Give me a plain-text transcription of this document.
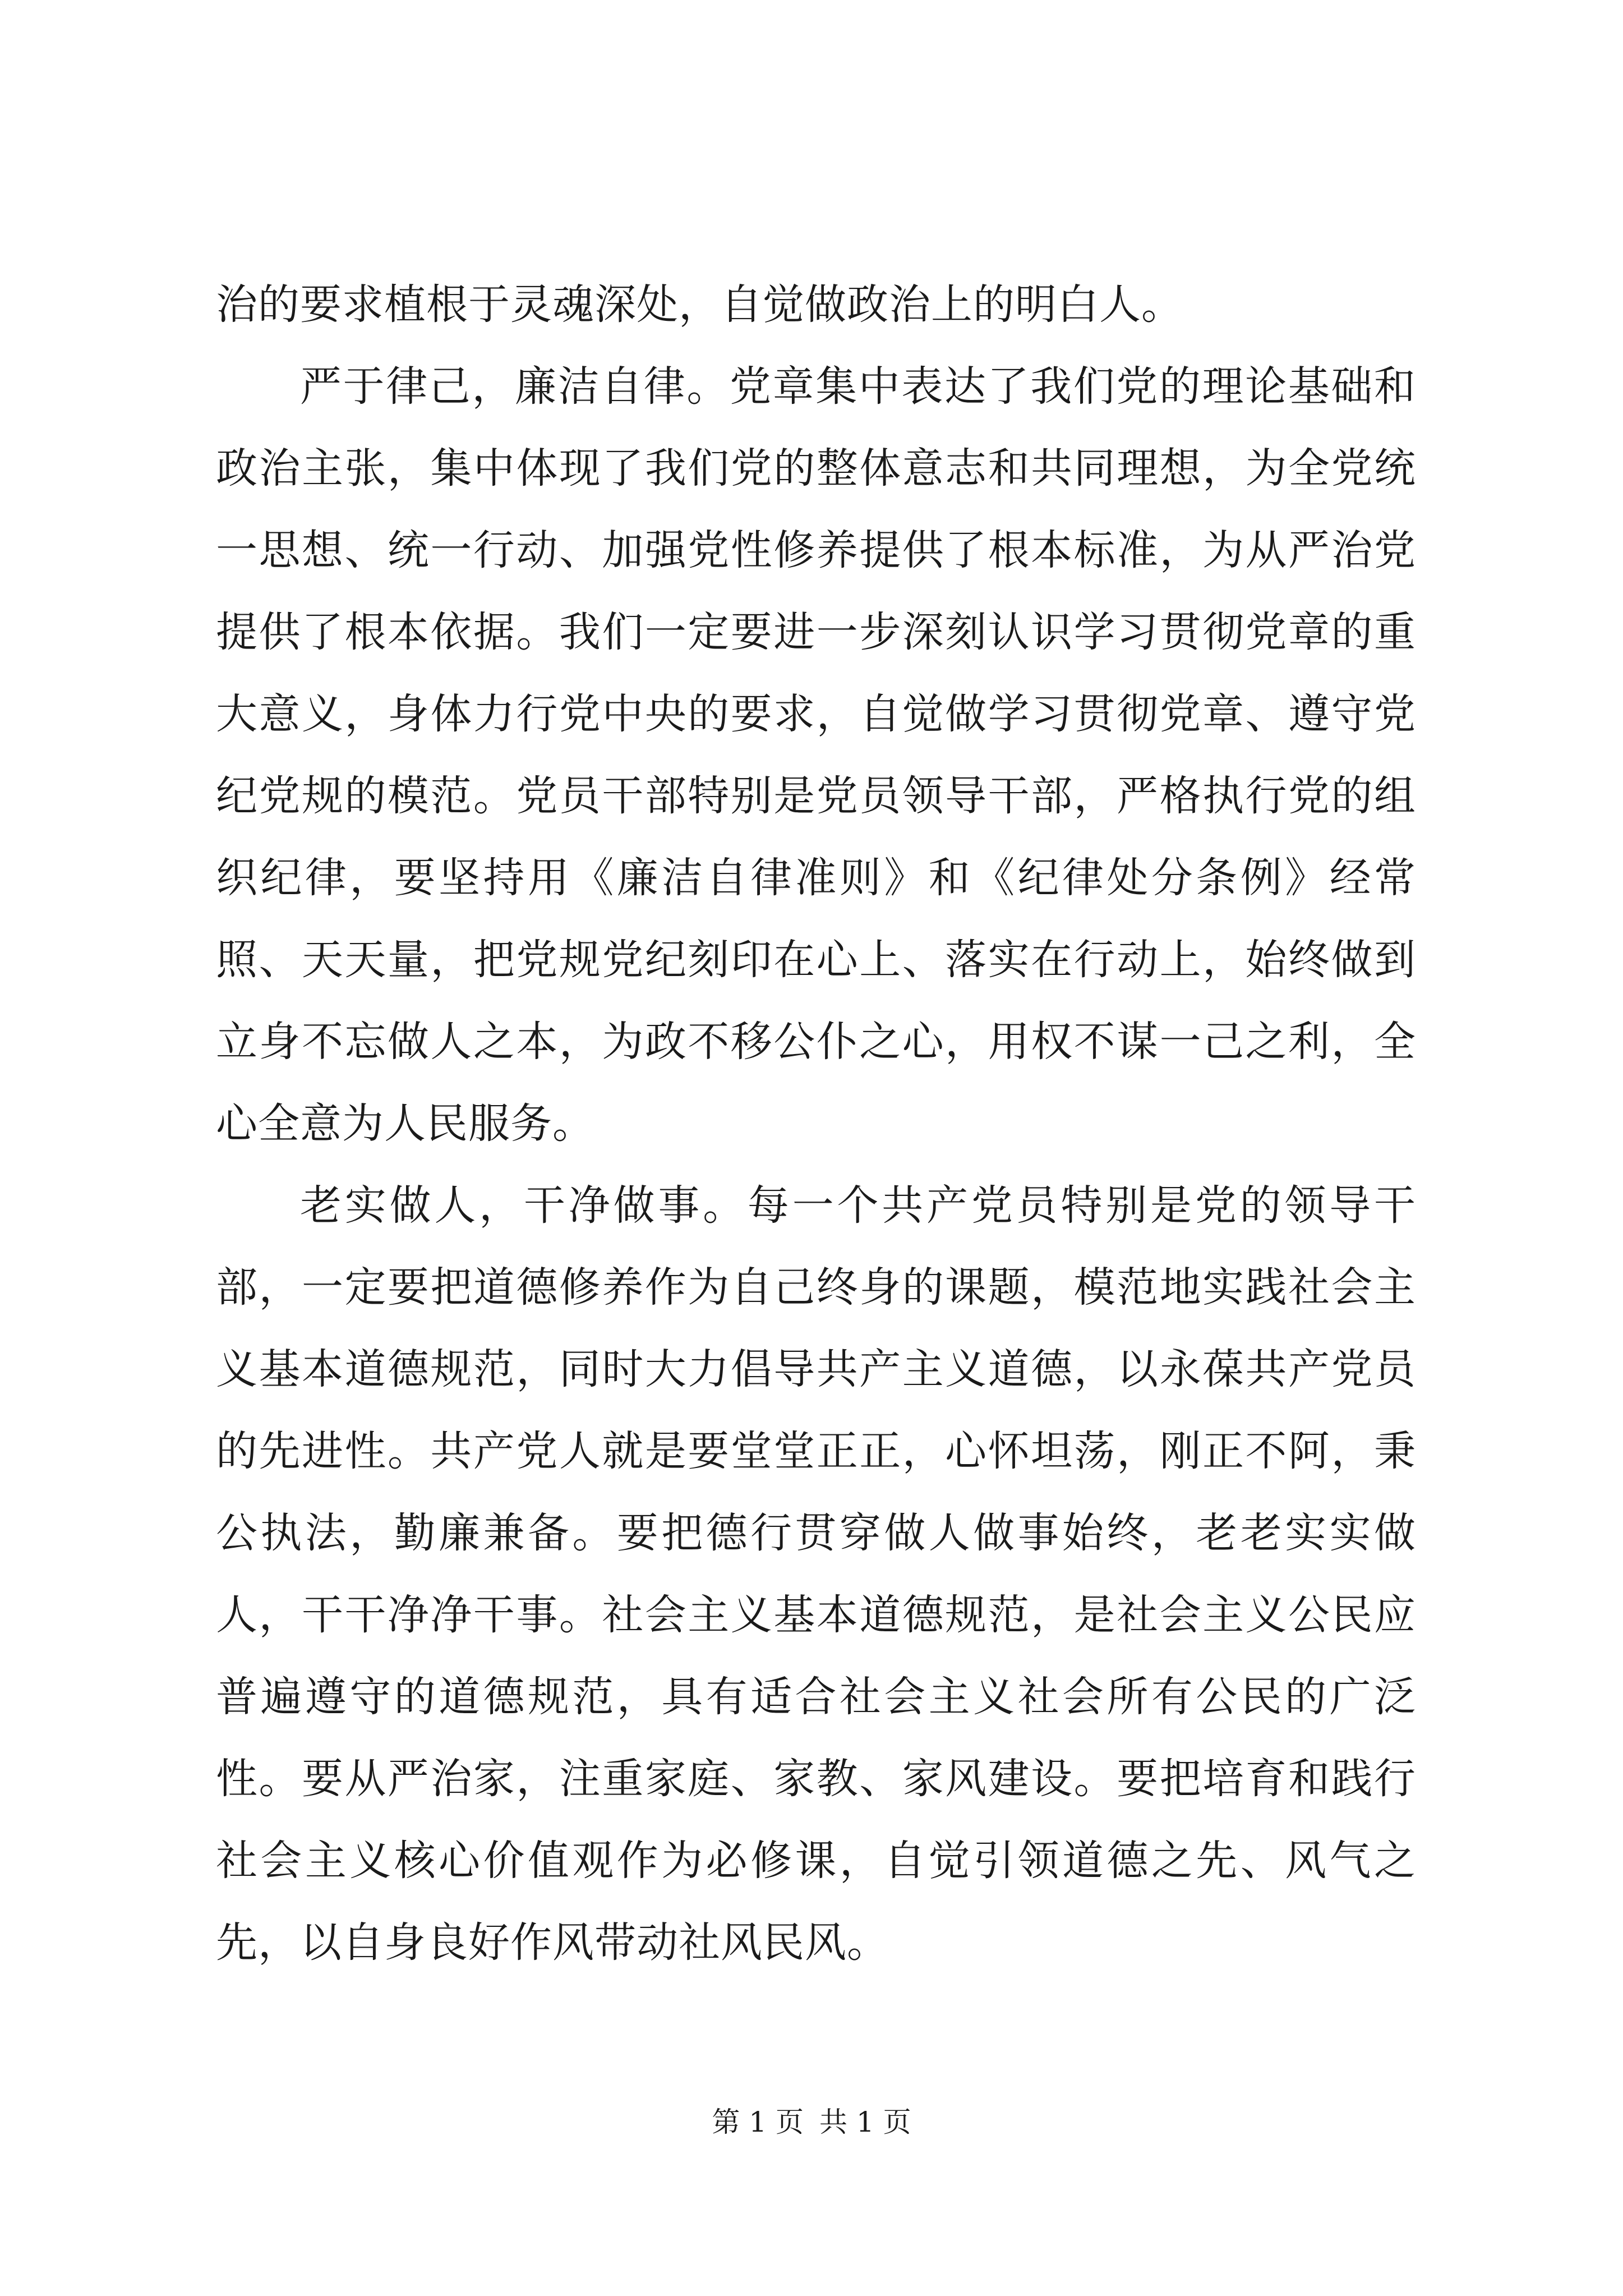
治的要求植根于灵魂深处，自觉做政治上的明白人。

严于律己，廉洁自律。党章集中表达了我们党的理论基础和政治主张，集中体现了我们党的整体意志和共同理想，为全党统一思想、统一行动、加强党性修养提供了根本标准，为从严治党提供了根本依据。我们一定要进一步深刻认识学习贯彻党章的重大意义，身体力行党中央的要求，自觉做学习贯彻党章、遵守党纪党规的模范。党员干部特别是党员领导干部，严格执行党的组织纪律，要坚持用《廉洁自律准则》和《纪律处分条例》经常照、天天量，把党规党纪刻印在心上、落实在行动上，始终做到立身不忘做人之本，为政不移公仆之心，用权不谋一己之利，全心全意为人民服务。

老实做人，干净做事。每一个共产党员特别是党的领导干部，一定要把道德修养作为自己终身的课题，模范地实践社会主义基本道德规范，同时大力倡导共产主义道德，以永葆共产党员的先进性。共产党人就是要堂堂正正，心怀坦荡，刚正不阿，秉公执法，勤廉兼备。要把德行贯穿做人做事始终，老老实实做人，干干净净干事。社会主义基本道德规范，是社会主义公民应普遍遵守的道德规范，具有适合社会主义社会所有公民的广泛性。要从严治家，注重家庭、家教、家风建设。要把培育和践行社会主义核心价值观作为必修课，自觉引领道德之先、风气之先，以自身良好作风带动社风民风。

第 1 页 共 1 页
